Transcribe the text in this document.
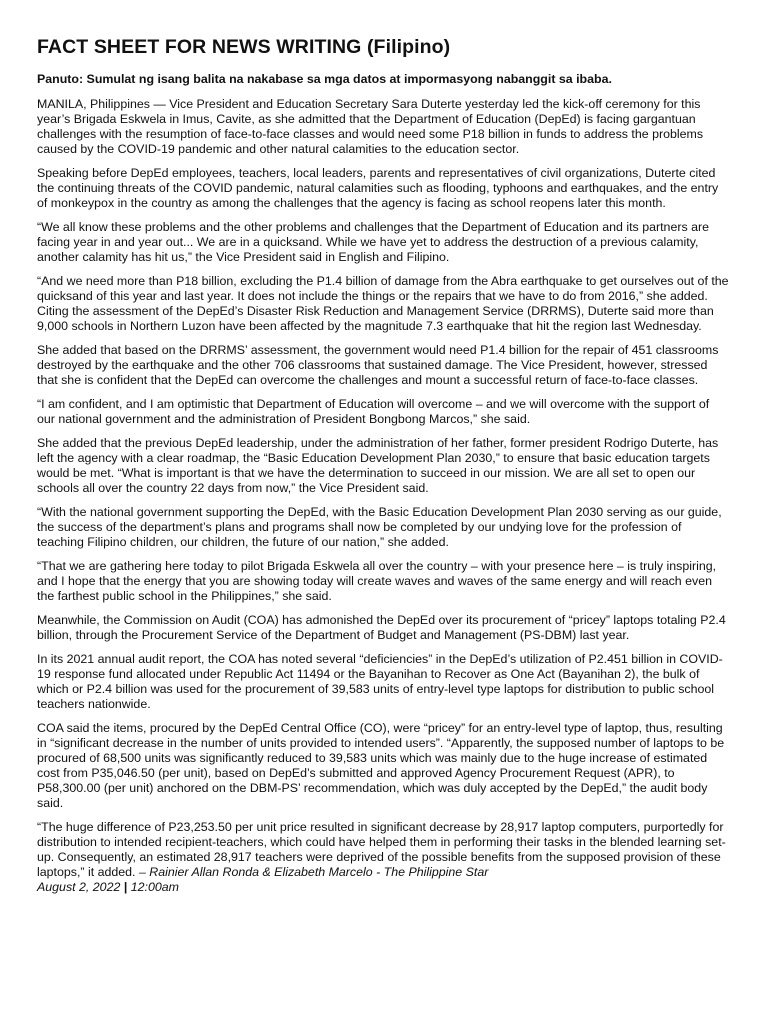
FACT SHEET FOR NEWS WRITING (Filipino)

Panuto: Sumulat ng isang balita na nakabase sa mga datos at impormasyong nabanggit sa ibaba.

MANILA, Philippines — Vice President and Education Secretary Sara Duterte yesterday led the kick-off ceremony for this year’s Brigada Eskwela in Imus, Cavite, as she admitted that the Department of Education (DepEd) is facing gargantuan challenges with the resumption of face-to-face classes and would need some P18 billion in funds to address the problems caused by the COVID-19 pandemic and other natural calamities to the education sector.

Speaking before DepEd employees, teachers, local leaders, parents and representatives of civil organizations, Duterte cited the continuing threats of the COVID pandemic, natural calamities such as flooding, typhoons and earthquakes, and the entry of monkeypox in the country as among the challenges that the agency is facing as school reopens later this month.

“We all know these problems and the other problems and challenges that the Department of Education and its partners are facing year in and year out... We are in a quicksand. While we have yet to address the destruction of a previous calamity, another calamity has hit us,” the Vice President said in English and Filipino.

“And we need more than P18 billion, excluding the P1.4 billion of damage from the Abra earthquake to get ourselves out of the quicksand of this year and last year. It does not include the things or the repairs that we have to do from 2016,” she added. Citing the assessment of the DepEd’s Disaster Risk Reduction and Management Service (DRRMS), Duterte said more than 9,000 schools in Northern Luzon have been affected by the magnitude 7.3 earthquake that hit the region last Wednesday.

She added that based on the DRRMS’ assessment, the government would need P1.4 billion for the repair of 451 classrooms destroyed by the earthquake and the other 706 classrooms that sustained damage. The Vice President, however, stressed that she is confident that the DepEd can overcome the challenges and mount a successful return of face-to-face classes.

“I am confident, and I am optimistic that Department of Education will overcome – and we will overcome with the support of our national government and the administration of President Bongbong Marcos,” she said.

She added that the previous DepEd leadership, under the administration of her father, former president Rodrigo Duterte, has left the agency with a clear roadmap, the “Basic Education Development Plan 2030,” to ensure that basic education targets would be met. “What is important is that we have the determination to succeed in our mission. We are all set to open our schools all over the country 22 days from now,” the Vice President said.

“With the national government supporting the DepEd, with the Basic Education Development Plan 2030 serving as our guide, the success of the department’s plans and programs shall now be completed by our undying love for the profession of teaching Filipino children, our children, the future of our nation,” she added.

“That we are gathering here today to pilot Brigada Eskwela all over the country – with your presence here – is truly inspiring, and I hope that the energy that you are showing today will create waves and waves of the same energy and will reach even the farthest public school in the Philippines,” she said.

Meanwhile, the Commission on Audit (COA) has admonished the DepEd over its procurement of “pricey” laptops totaling P2.4 billion, through the Procurement Service of the Department of Budget and Management (PS-DBM) last year.

In its 2021 annual audit report, the COA has noted several “deficiencies” in the DepEd’s utilization of P2.451 billion in COVID-19 response fund allocated under Republic Act 11494 or the Bayanihan to Recover as One Act (Bayanihan 2), the bulk of which or P2.4 billion was used for the procurement of 39,583 units of entry-level type laptops for distribution to public school teachers nationwide.

COA said the items, procured by the DepEd Central Office (CO), were “pricey” for an entry-level type of laptop, thus, resulting in “significant decrease in the number of units provided to intended users”. “Apparently, the supposed number of laptops to be procured of 68,500 units was significantly reduced to 39,583 units which was mainly due to the huge increase of estimated cost from P35,046.50 (per unit), based on DepEd’s submitted and approved Agency Procurement Request (APR), to P58,300.00 (per unit) anchored on the DBM-PS’ recommendation, which was duly accepted by the DepEd,” the audit body said.

“The huge difference of P23,253.50 per unit price resulted in significant decrease by 28,917 laptop computers, purportedly for distribution to intended recipient-teachers, which could have helped them in performing their tasks in the blended learning set-up. Consequently, an estimated 28,917 teachers were deprived of the possible benefits from the supposed provision of these laptops,” it added. – Rainier Allan Ronda & Elizabeth Marcelo - The Philippine Star
August 2, 2022 | 12:00am
